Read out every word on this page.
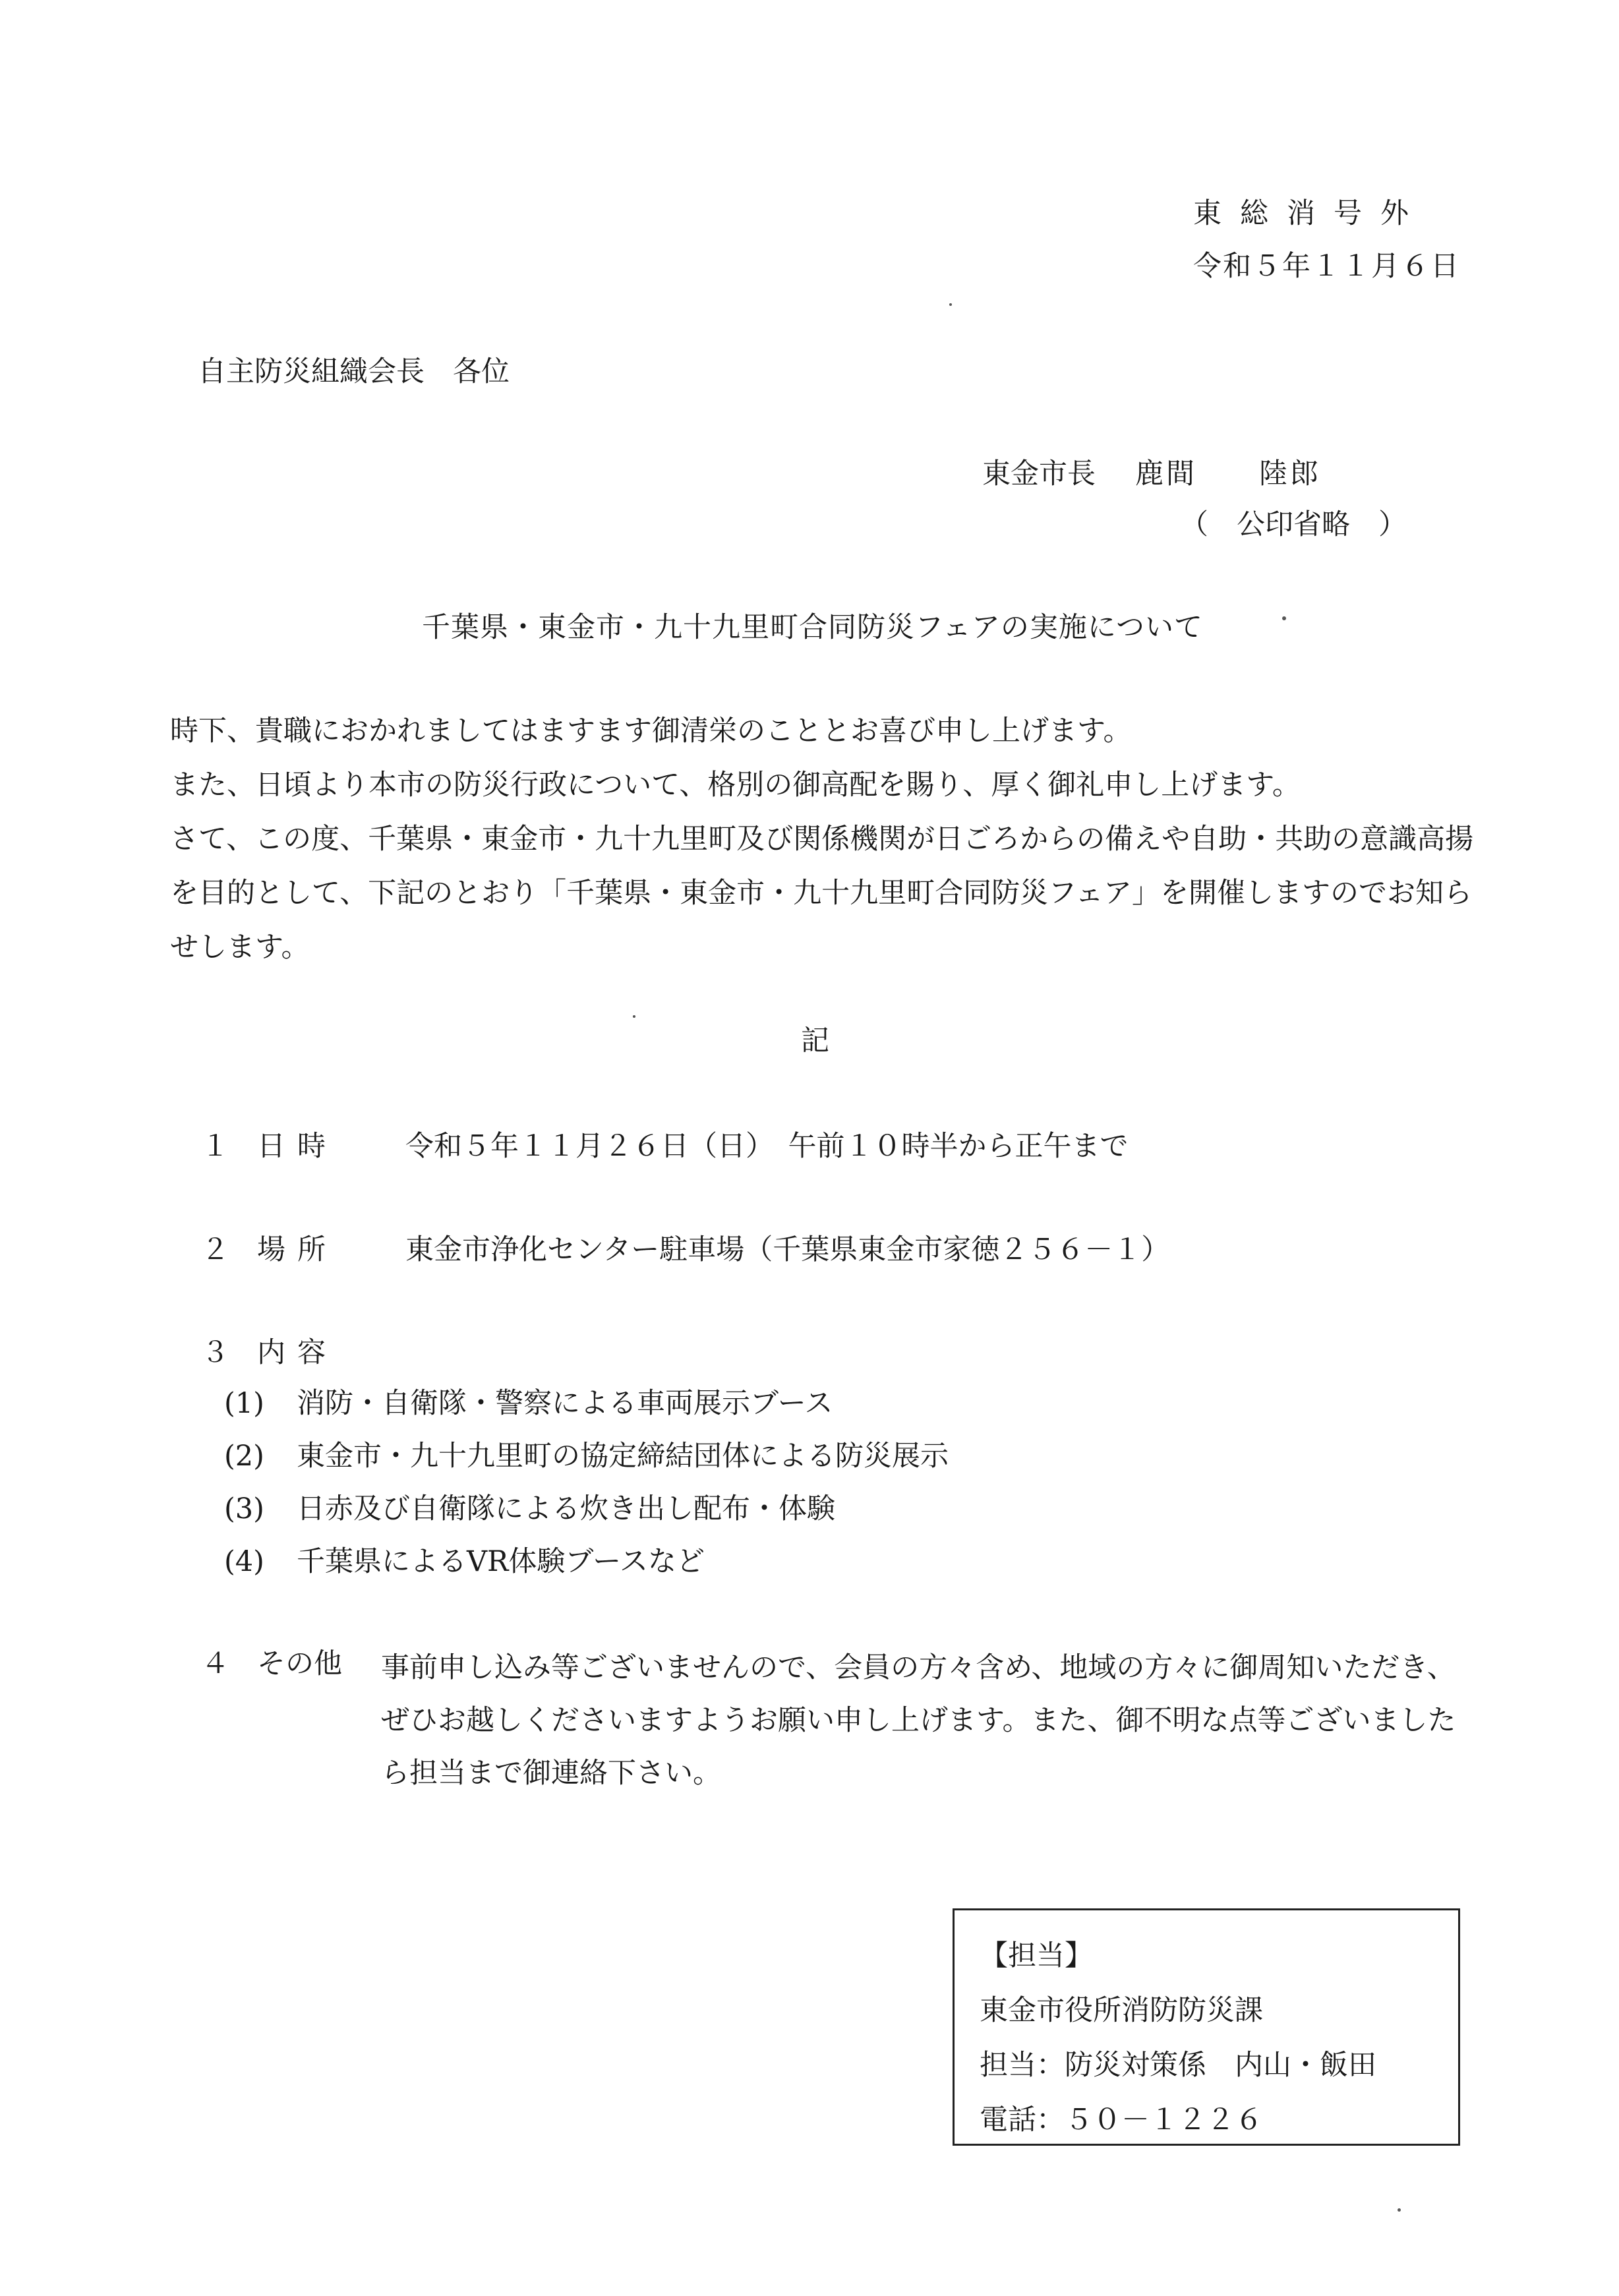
東総消号外
令和５年１１月６日
自主防災組織会長　各位
東金市長 鹿間　　陸郎
（　公印省略　）
千葉県・東金市・九十九里町合同防災フェアの実施について
時下、貴職におかれましてはますます御清栄のこととお喜び申し上げます。
また、日頃より本市の防災行政について、格別の御高配を賜り、厚く御礼申し上げます。
さて、この度、千葉県・東金市・九十九里町及び関係機関が日ごろからの備えや自助・共助の意識高揚を目的として、下記のとおり「千葉県・東金市・九十九里町合同防災フェア」を開催しますのでお知らせします。
記
１ 日時 令和５年１１月２６日（日）　午前１０時半から正午まで
２ 場所 東金市浄化センター駐車場（千葉県東金市家徳２５６－１）
３ 内容
(1) 消防・自衛隊・警察による車両展示ブース
(2) 東金市・九十九里町の協定締結団体による防災展示
(3) 日赤及び自衛隊による炊き出し配布・体験
(4) 千葉県によるVR体験ブースなど
４ その他 事前申し込み等ございませんので、会員の方々含め、地域の方々に御周知いただき、ぜひお越しくださいますようお願い申し上げます。また、御不明な点等ございましたら担当まで御連絡下さい。
【担当】
東金市役所消防防災課
担当：防災対策係　内山・飯田
電話：５０－１２２６
